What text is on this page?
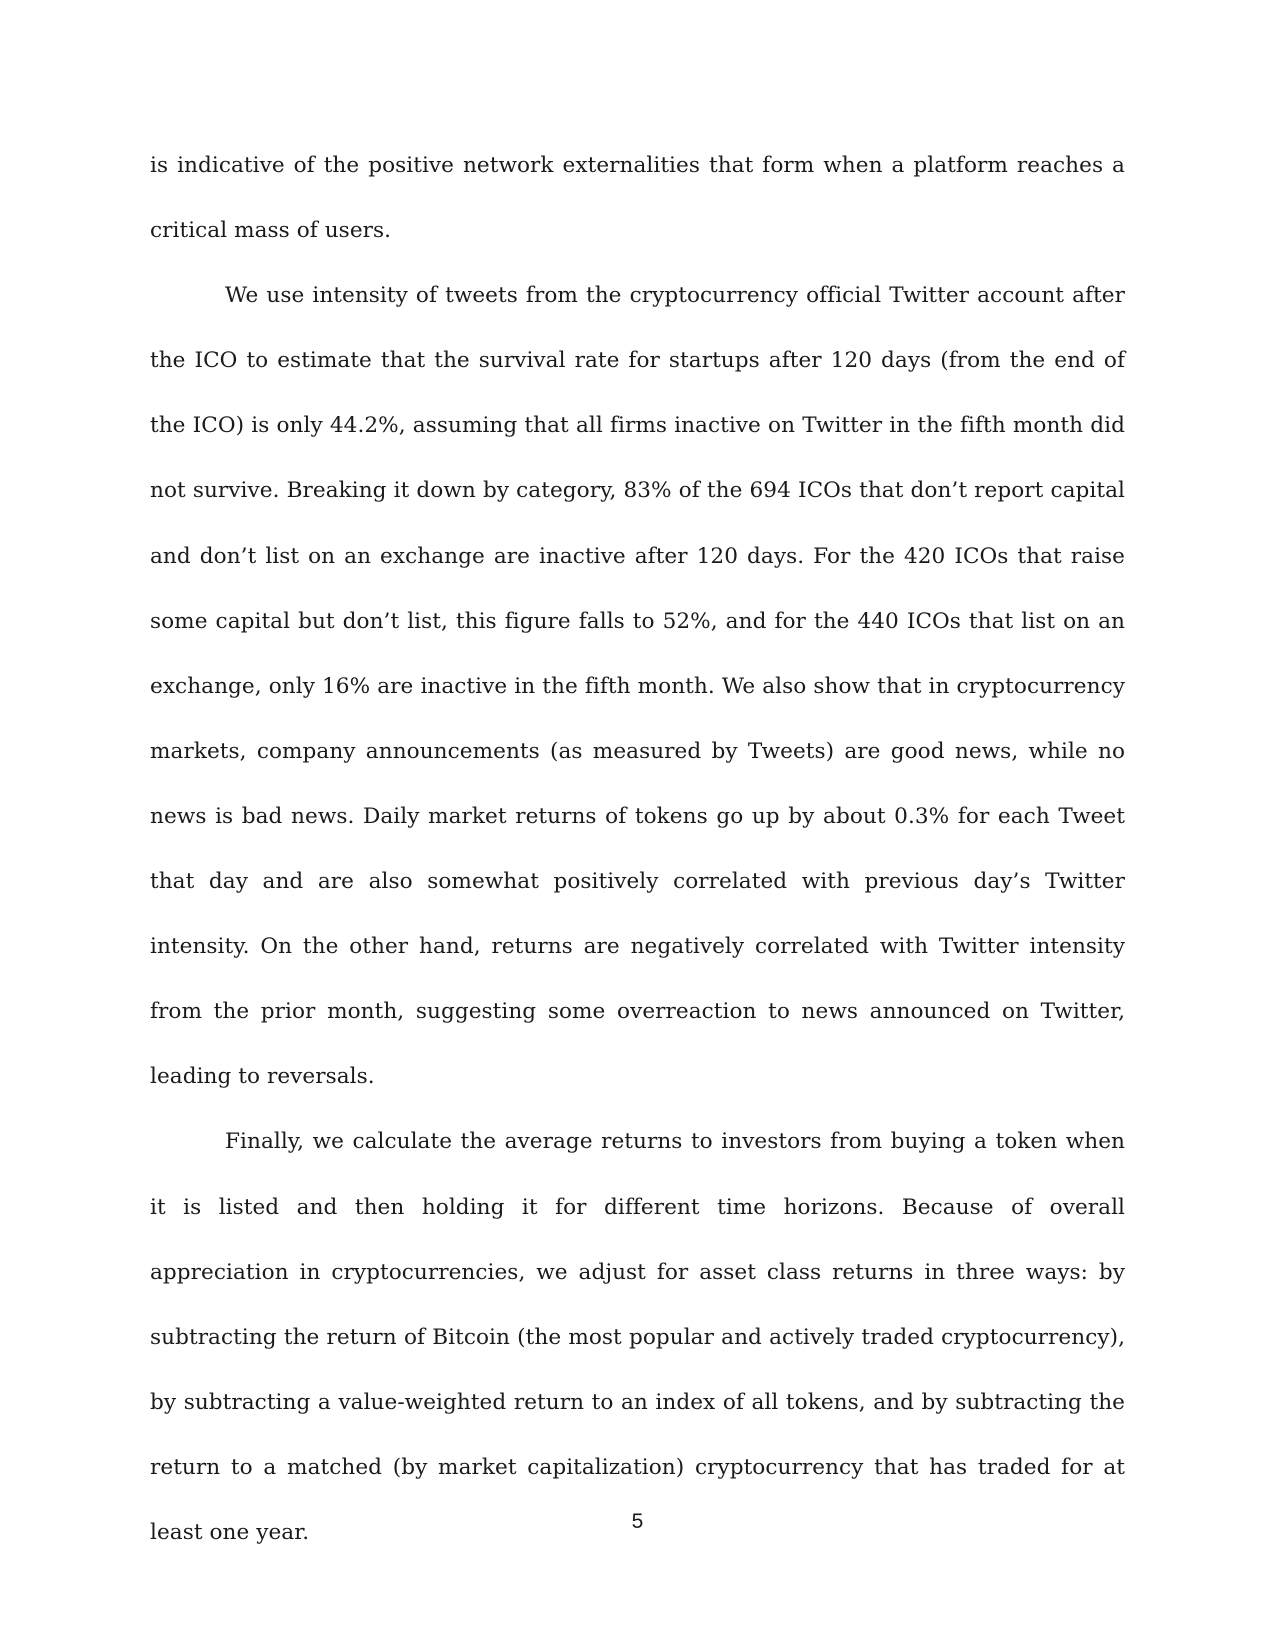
is indicative of the positive network externalities that form when a platform reaches a critical mass of users.

We use intensity of tweets from the cryptocurrency official Twitter account after the ICO to estimate that the survival rate for startups after 120 days (from the end of the ICO) is only 44.2%, assuming that all firms inactive on Twitter in the fifth month did not survive. Breaking it down by category, 83% of the 694 ICOs that don’t report capital and don’t list on an exchange are inactive after 120 days. For the 420 ICOs that raise some capital but don’t list, this figure falls to 52%, and for the 440 ICOs that list on an exchange, only 16% are inactive in the fifth month. We also show that in cryptocurrency markets, company announcements (as measured by Tweets) are good news, while no news is bad news. Daily market returns of tokens go up by about 0.3% for each Tweet that day and are also somewhat positively correlated with previous day’s Twitter intensity. On the other hand, returns are negatively correlated with Twitter intensity from the prior month, suggesting some overreaction to news announced on Twitter, leading to reversals.

Finally, we calculate the average returns to investors from buying a token when it is listed and then holding it for different time horizons. Because of overall appreciation in cryptocurrencies, we adjust for asset class returns in three ways: by subtracting the return of Bitcoin (the most popular and actively traded cryptocurrency), by subtracting a value-weighted return to an index of all tokens, and by subtracting the return to a matched (by market capitalization) cryptocurrency that has traded for at least one year.	5
